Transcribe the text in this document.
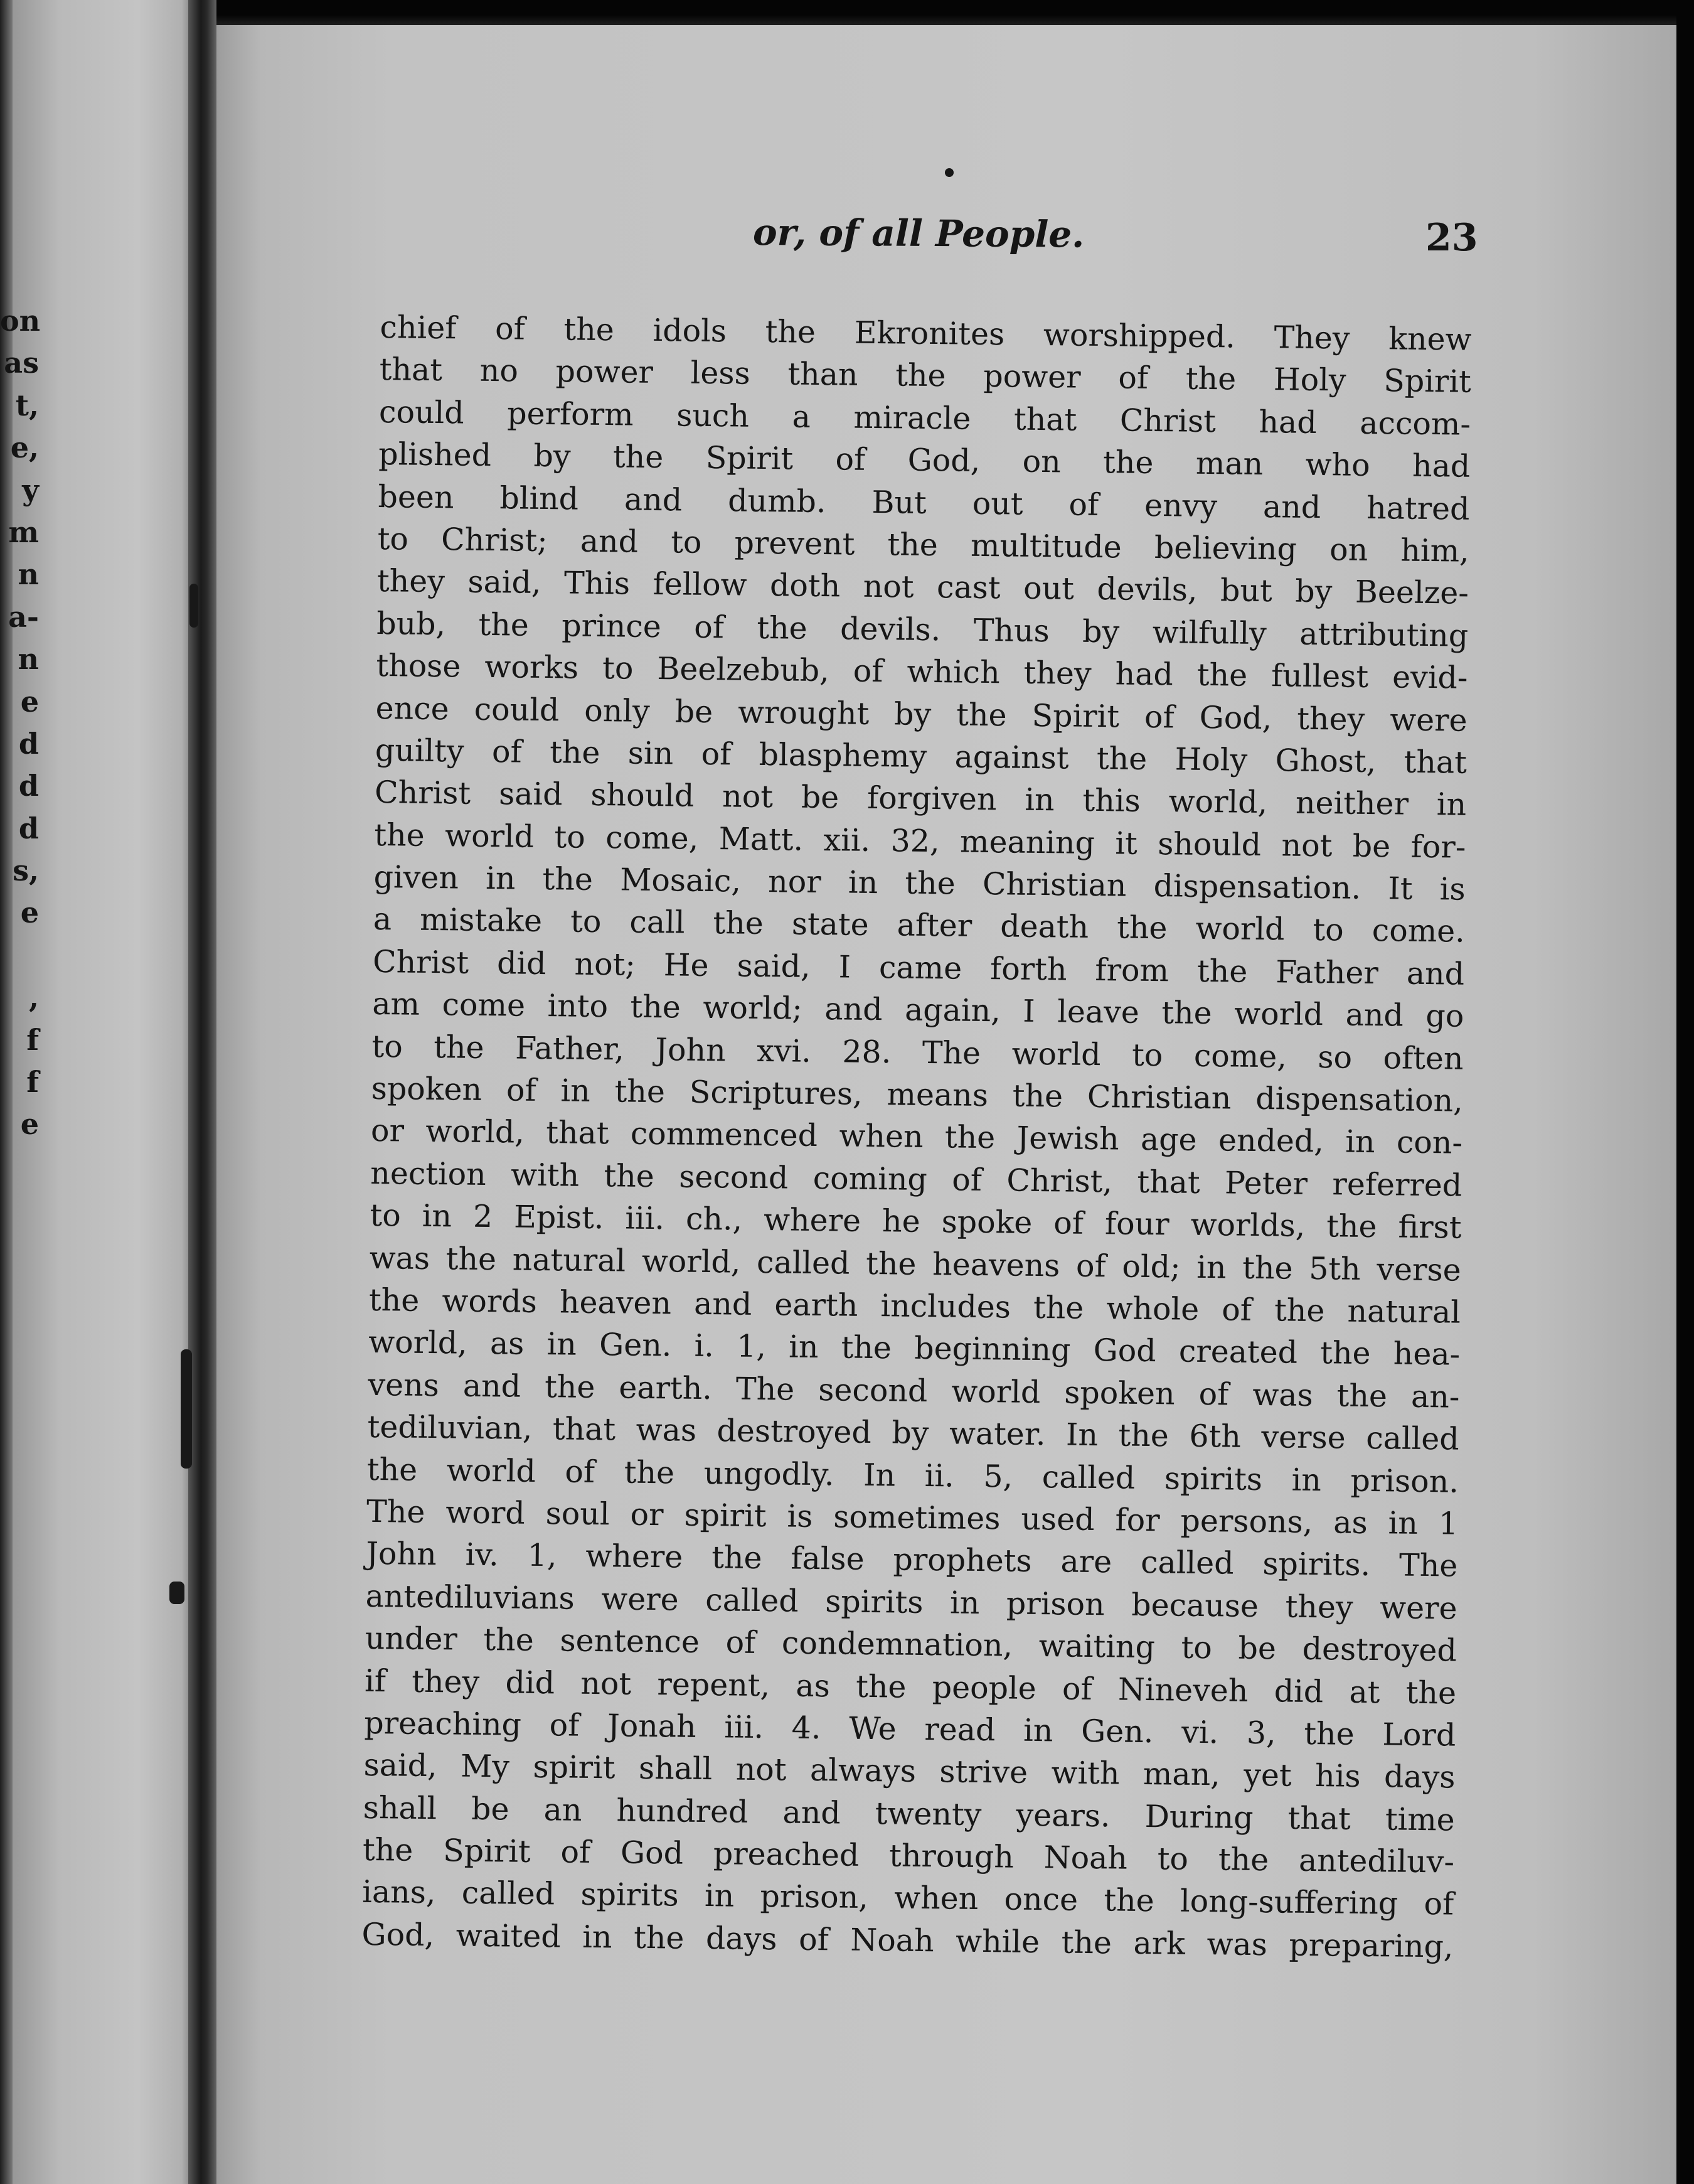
on
as
t,
e,
y
m
n
a-
n
e
d
d
d
s,
e
,
f
f
e
or, of all People.	23
chief of the idols the Ekronites worshipped. They knew
that no power less than the power of the Holy Spirit
could perform such a miracle that Christ had accom-
plished by the Spirit of God, on the man who had
been blind and dumb. But out of envy and hatred
to Christ; and to prevent the multitude believing on him,
they said, This fellow doth not cast out devils, but by Beelze-
bub, the prince of the devils. Thus by wilfully attributing
those works to Beelzebub, of which they had the fullest evid-
ence could only be wrought by the Spirit of God, they were
guilty of the sin of blasphemy against the Holy Ghost, that
Christ said should not be forgiven in this world, neither in
the world to come, Matt. xii. 32, meaning it should not be for-
given in the Mosaic, nor in the Christian dispensation. It is
a mistake to call the state after death the world to come.
Christ did not; He said, I came forth from the Father and
am come into the world; and again, I leave the world and go
to the Father, John xvi. 28. The world to come, so often
spoken of in the Scriptures, means the Christian dispensation,
or world, that commenced when the Jewish age ended, in con-
nection with the second coming of Christ, that Peter referred
to in 2 Epist. iii. ch., where he spoke of four worlds, the first
was the natural world, called the heavens of old; in the 5th verse
the words heaven and earth includes the whole of the natural
world, as in Gen. i. 1, in the beginning God created the hea-
vens and the earth. The second world spoken of was the an-
tediluvian, that was destroyed by water. In the 6th verse called
the world of the ungodly. In ii. 5, called spirits in prison.
The word soul or spirit is sometimes used for persons, as in 1
John iv. 1, where the false prophets are called spirits. The
antediluvians were called spirits in prison because they were
under the sentence of condemnation, waiting to be destroyed
if they did not repent, as the people of Nineveh did at the
preaching of Jonah iii. 4. We read in Gen. vi. 3, the Lord
said, My spirit shall not always strive with man, yet his days
shall be an hundred and twenty years. During that time
the Spirit of God preached through Noah to the antediluv-
ians, called spirits in prison, when once the long-suffering of
God, waited in the days of Noah while the ark was preparing,
